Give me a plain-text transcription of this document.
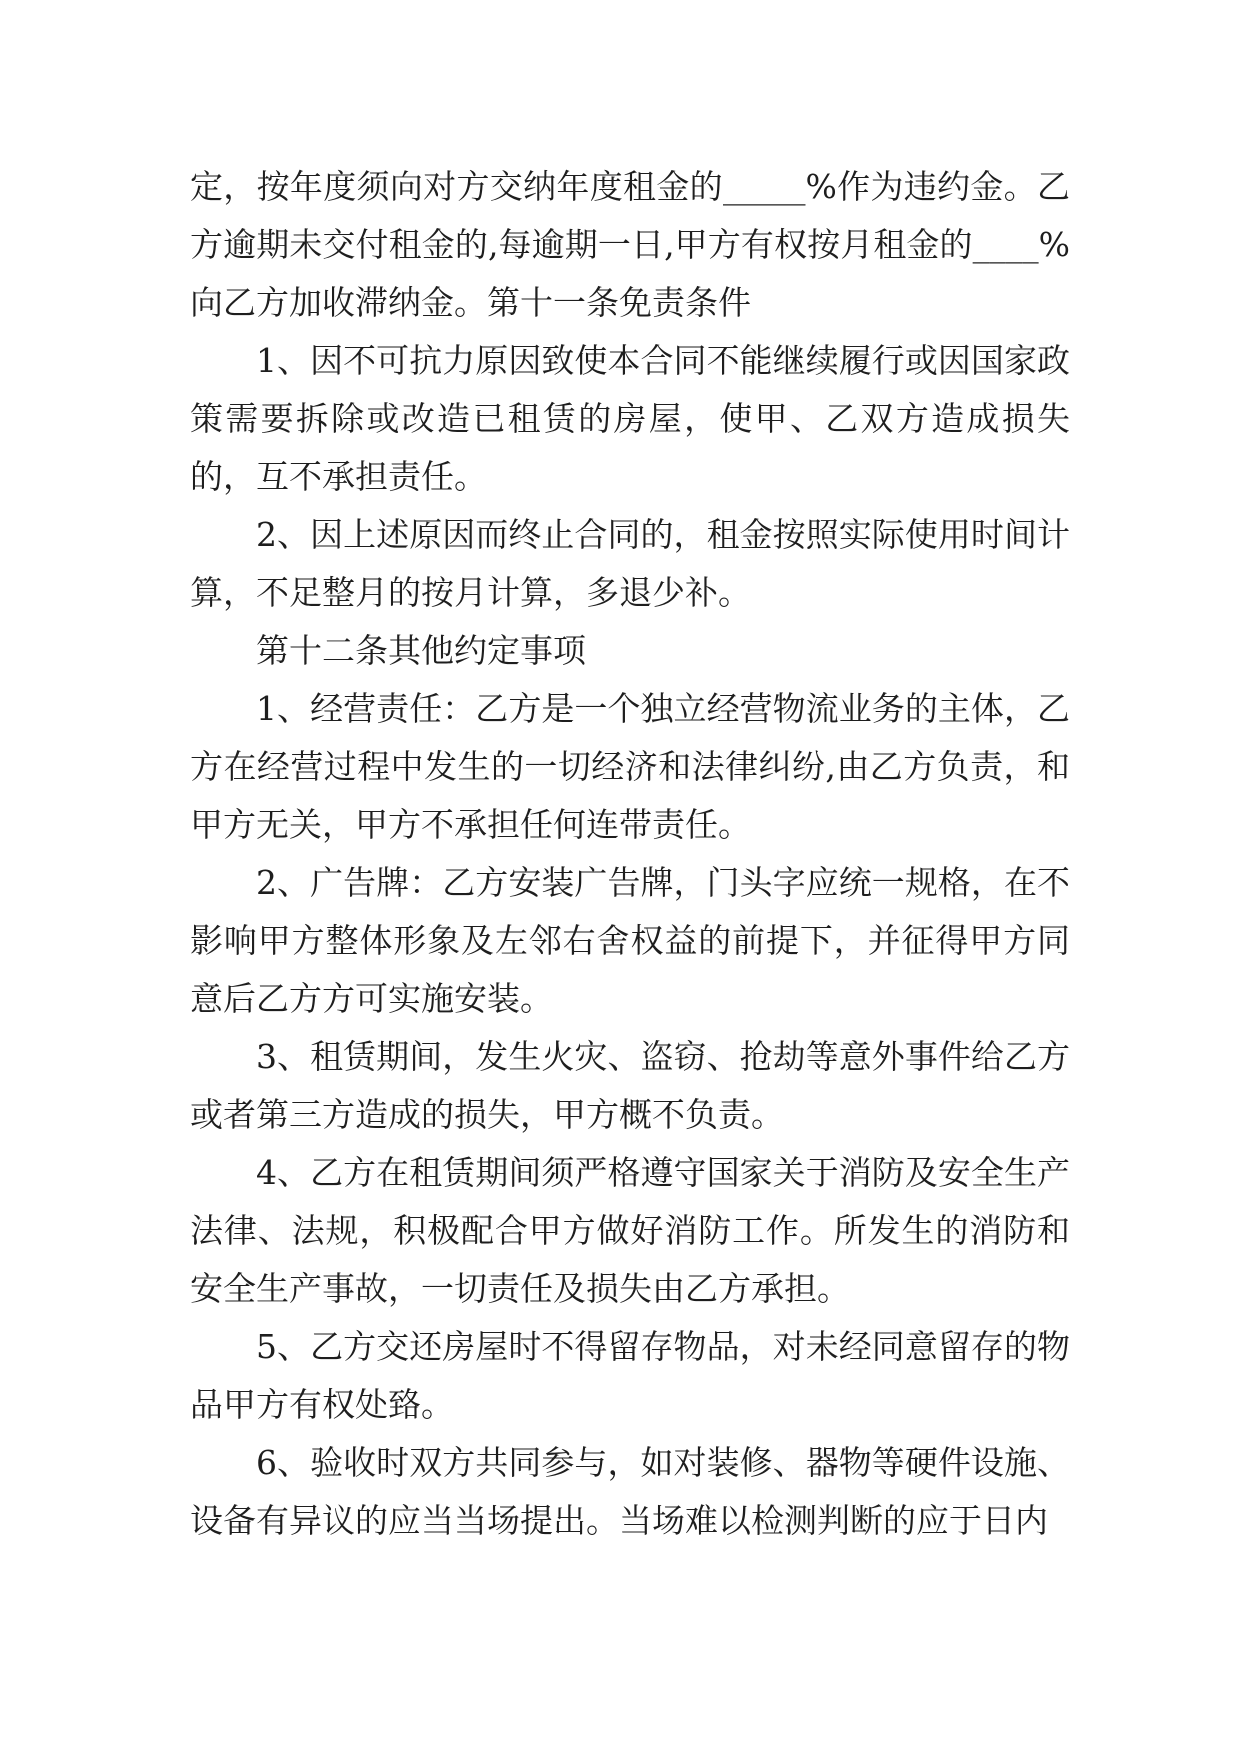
定，按年度须向对方交纳年度租金的_____%作为违约金。乙方逾期未交付租金的,每逾期一日,甲方有权按月租金的____%向乙方加收滞纳金。第十一条免责条件

1、因不可抗力原因致使本合同不能继续履行或因国家政策需要拆除或改造已租赁的房屋，使甲、乙双方造成损失的，互不承担责任。

2、因上述原因而终止合同的，租金按照实际使用时间计算，不足整月的按月计算，多退少补。

第十二条其他约定事项

1、经营责任：乙方是一个独立经营物流业务的主体，乙方在经营过程中发生的一切经济和法律纠纷,由乙方负责，和甲方无关，甲方不承担任何连带责任。

2、广告牌：乙方安装广告牌，门头字应统一规格，在不影响甲方整体形象及左邻右舍权益的前提下，并征得甲方同意后乙方方可实施安装。

3、租赁期间，发生火灾、盗窃、抢劫等意外事件给乙方或者第三方造成的损失，甲方概不负责。

4、乙方在租赁期间须严格遵守国家关于消防及安全生产法律、法规，积极配合甲方做好消防工作。所发生的消防和安全生产事故，一切责任及损失由乙方承担。

5、乙方交还房屋时不得留存物品，对未经同意留存的物品甲方有权处臵。

6、验收时双方共同参与，如对装修、器物等硬件设施、设备有异议的应当当场提出。当场难以检测判断的应于日内
